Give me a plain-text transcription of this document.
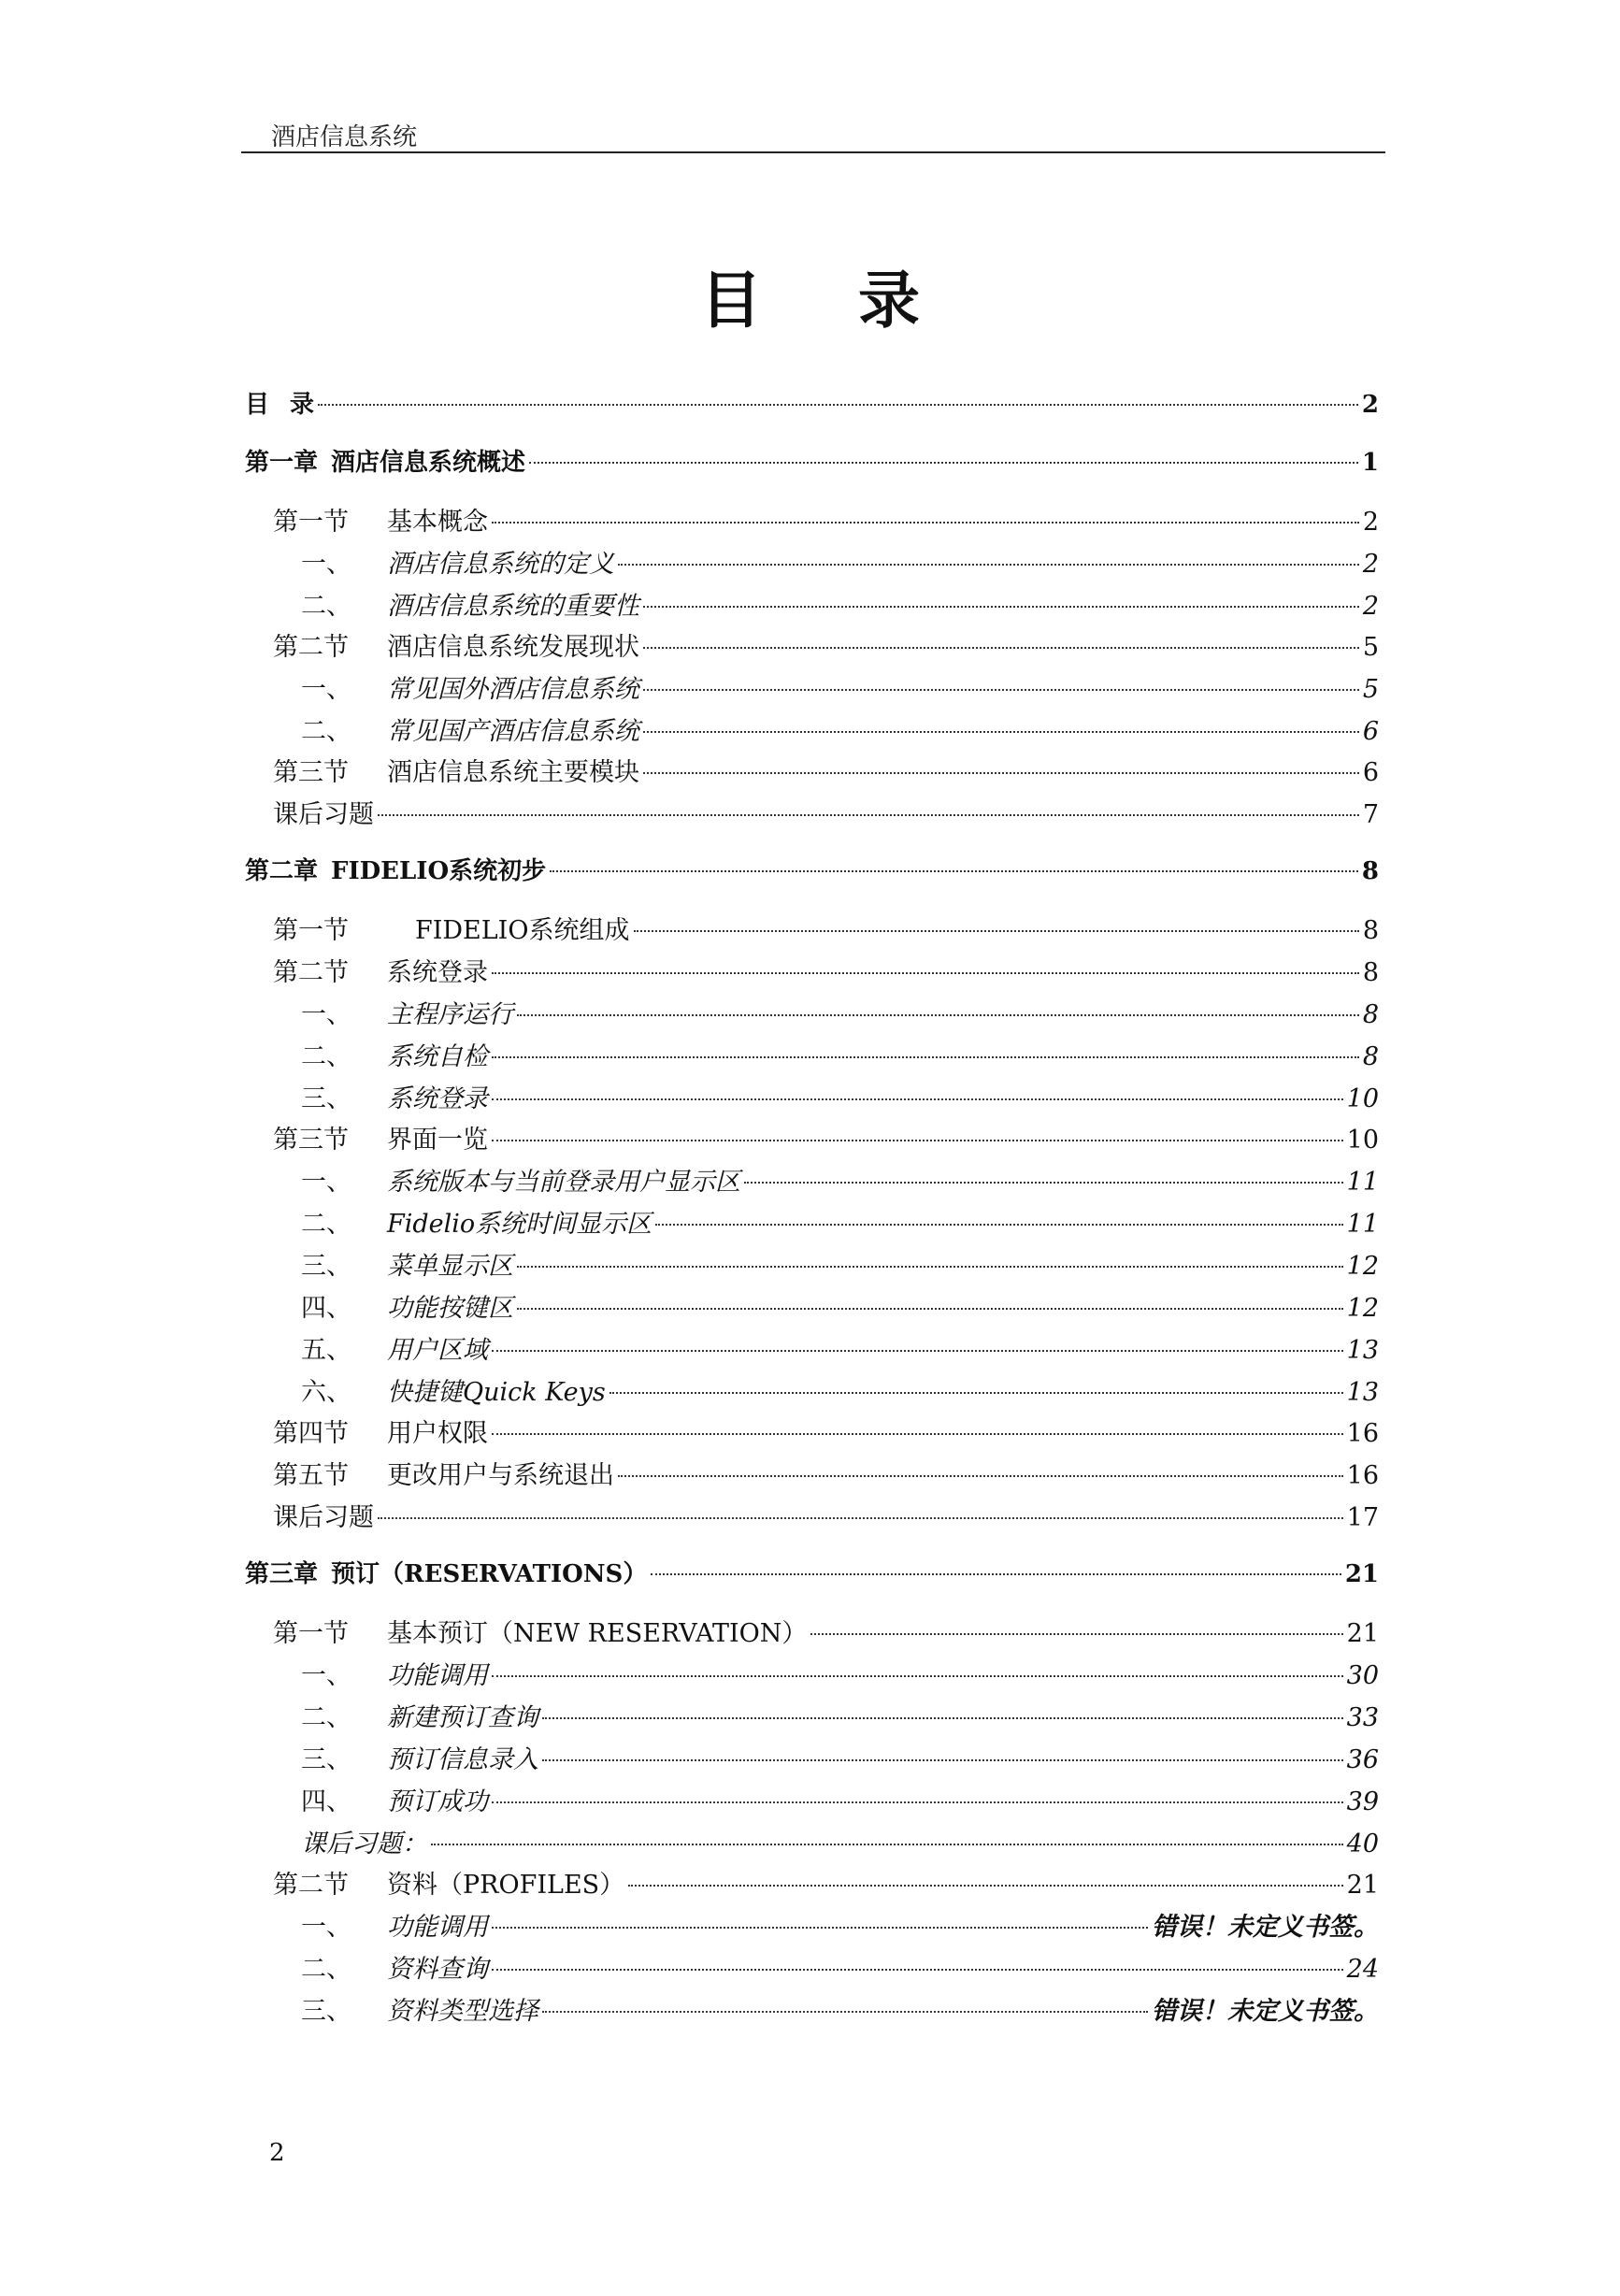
酒店信息系统
目 录
目 录	2
第一章 酒店信息系统概述	1
第一节	基本概念	2
一、	酒店信息系统的定义	2
二、	酒店信息系统的重要性	2
第二节	酒店信息系统发展现状	5
一、	常见国外酒店信息系统	5
二、	常见国产酒店信息系统	6
第三节	酒店信息系统主要模块	6
课后习题	7
第二章 FIDELIO系统初步	8
第一节	FIDELIO系统组成	8
第二节	系统登录	8
一、	主程序运行	8
二、	系统自检	8
三、	系统登录	10
第三节	界面一览	10
一、	系统版本与当前登录用户显示区	11
二、	Fidelio系统时间显示区	11
三、	菜单显示区	12
四、	功能按键区	12
五、	用户区域	13
六、	快捷键Quick Keys	13
第四节	用户权限	16
第五节	更改用户与系统退出	16
课后习题	17
第三章 预订（RESERVATIONS）	21
第一节	基本预订（NEW RESERVATION）	21
一、	功能调用	30
二、	新建预订查询	33
三、	预订信息录入	36
四、	预订成功	39
课后习题：	40
第二节	资料（PROFILES）	21
一、	功能调用	错误！未定义书签。
二、	资料查询	24
三、	资料类型选择	错误！未定义书签。
2
